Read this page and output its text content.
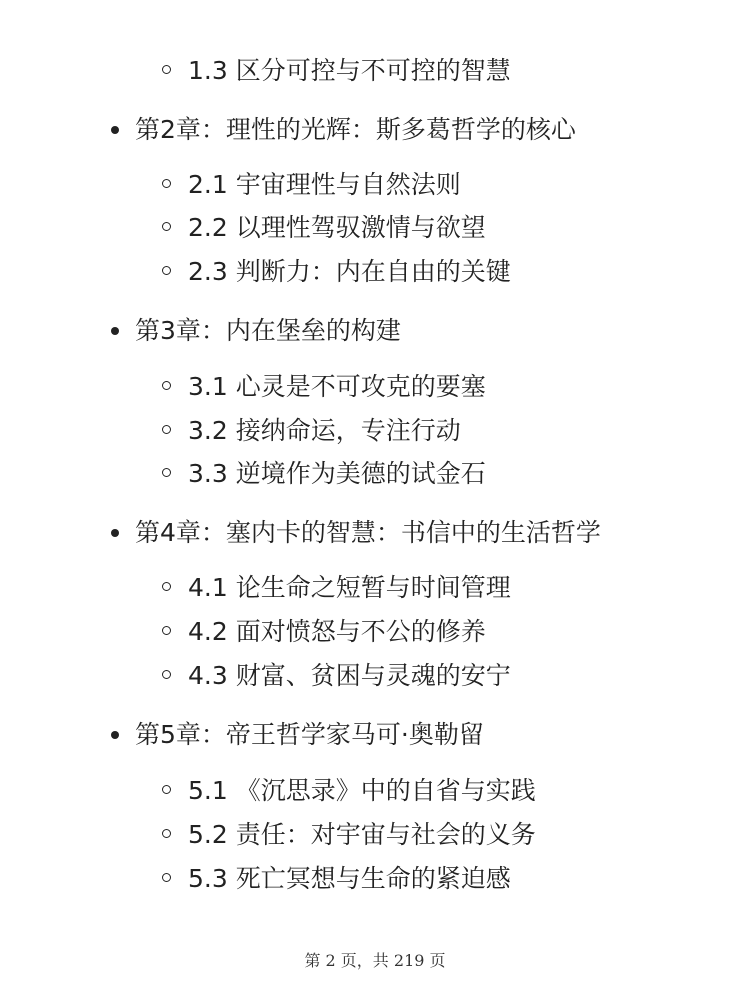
1.3 区分可控与不可控的智慧
第2章：理性的光辉：斯多葛哲学的核心
2.1 宇宙理性与自然法则
2.2 以理性驾驭激情与欲望
2.3 判断力：内在自由的关键
第3章：内在堡垒的构建
3.1 心灵是不可攻克的要塞
3.2 接纳命运，专注行动
3.3 逆境作为美德的试金石
第4章：塞内卡的智慧：书信中的生活哲学
4.1 论生命之短暂与时间管理
4.2 面对愤怒与不公的修养
4.3 财富、贫困与灵魂的安宁
第5章：帝王哲学家马可·奥勒留
5.1 《沉思录》中的自省与实践
5.2 责任：对宇宙与社会的义务
5.3 死亡冥想与生命的紧迫感
第 2 页，共 219 页
